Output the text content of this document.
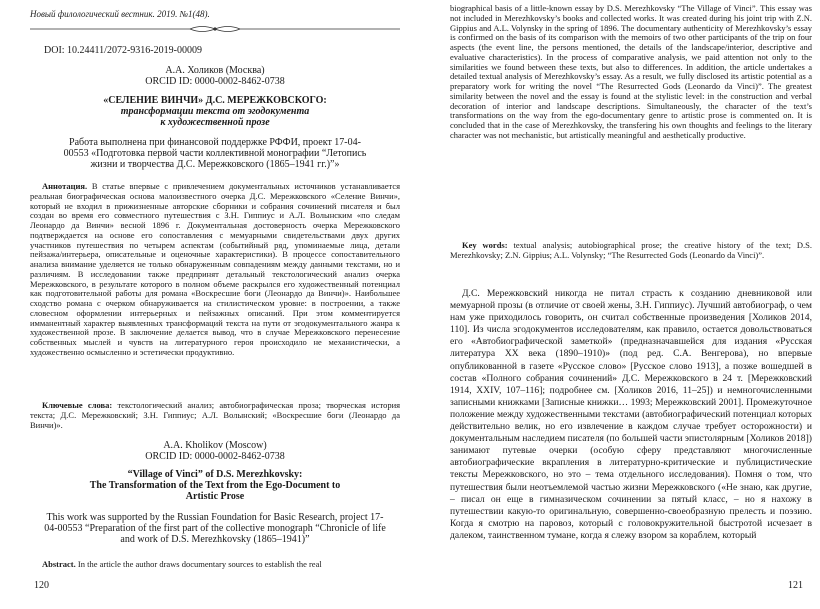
Новый филологический вестник. 2019. №1(48).
DOI: 10.24411/2072-9316-2019-00009
А.А. Холиков (Москва)
ORCID ID: 0000-0002-8462-0738
«СЕЛЕНИЕ ВИНЧИ» Д.С. МЕРЕЖКОВСКОГО:
трансформации текста от эгодокумента
к художественной прозе
Работа выполнена при финансовой поддержке РФФИ, проект 17-04-00553 «Подготовка первой части коллективной монографии “Летопись жизни и творчества Д.С. Мережковского (1865–1941 гг.)”»
Аннотация. В статье впервые с привлечением документальных источников устанавливается реальная биографическая основа малоизвестного очерка Д.С. Мережковского «Селение Винчи», который не входил в прижизненные авторские сборники и собрания сочинений писателя и был создан во время его совместного путешествия с З.Н. Гиппиус и А.Л. Волынским «по следам Леонардо да Винчи» весной 1896 г. Документальная достоверность очерка Мережковского подтверждается на основе его сопоставления с мемуарными свидетельствами двух других участников путешествия по четырем аспектам (событийный ряд, упоминаемые лица, детали пейзажа/интерьера, описательные и оценочные характеристики). В процессе сопоставительного анализа внимание уделяется не только обнаруженным совпадениям между данными текстами, но и различиям. В исследовании также предпринят детальный текстологический анализ очерка Мережковского, в результате которого в полном объеме раскрылся его художественный потенциал как подготовительной работы для романа «Воскресшие боги (Леонардо да Винчи)». Наибольшее сходство романа с очерком обнаруживается на стилистическом уровне: в построении, а также словесном оформлении интерьерных и пейзажных описаний. При этом комментируется имманентный характер выявленных трансформаций текста на пути от эгодокументального жанра к художественной прозе. В заключение делается вывод, что в случае Мережковского перенесение собственных мыслей и чувств на литературного героя происходило не механистически, а художественно осмысленно и эстетически продуктивно.
Ключевые слова: текстологический анализ; автобиографическая проза; творческая история текста; Д.С. Мережковский; З.Н. Гиппиус; А.Л. Волынский; «Воскресшие боги (Леонардо да Винчи)».
A.A. Kholikov (Moscow)
ORCID ID: 0000-0002-8462-0738
“Village of Vinci” of D.S. Merezhkovsky:
The Transformation of the Text from the Ego-Document to
Artistic Prose
This work was supported by the Russian Foundation for Basic Research, project 17-04-00553 “Preparation of the first part of the collective monograph “Chronicle of life and work of D.S. Merezhkovsky (1865–1941)”
Abstract. In the article the author draws documentary sources to establish the real
120
biographical basis of a little-known essay by D.S. Merezhkovsky “The Village of Vinci”. This essay was not included in Merezhkovsky’s books and collected works. It was created during his joint trip with Z.N. Gippius and A.L. Volynsky in the spring of 1896. The documentary authenticity of Merezhkovsky’s essay is confirmed on the basis of its comparison with the memoirs of two other participants of the trip on four aspects (the event line, the persons mentioned, the details of the landscape/interior, descriptive and evaluative characteristics). In the process of comparative analysis, we paid attention not only to the similarities we found between these texts, but also to differences. In addition, the article undertakes a detailed textual analysis of Merezhkovsky’s essay. As a result, we fully disclosed its artistic potential as a preparatory work for writing the novel “The Resurrected Gods (Leonardo da Vinci)”. The greatest similarity between the novel and the essay is found at the stylistic level: in the construction and verbal decoration of interior and landscape descriptions. Simultaneously, the character of the text’s transformations on the way from the ego-documentary genre to artistic prose is commented on. It is concluded that in the case of Merezhkovsky, the transfering his own thoughts and feelings to the literary character was not mechanistic, but artistically meaningful and aesthetically productive.
Key words: textual analysis; autobiographical prose; the creative history of the text; D.S. Merezhkovsky; Z.N. Gippius; A.L. Volynsky; “The Resurrected Gods (Leonardo da Vinci)”.
Д.С. Мережковский никогда не питал страсть к созданию дневниковой или мемуарной прозы (в отличие от своей жены, З.Н. Гиппиус). Лучший автобиограф, о чем нам уже приходилось говорить, он считал собственные произведения [Холиков 2014, 110]. Из числа эгодокументов исследователям, как правило, остается довольствоваться его «Автобиографической заметкой» (предназначавшейся для издания «Русская литература XX века (1890–1910)» (под ред. С.А. Венгерова), но впервые опубликованной в газете «Русское слово» [Русское слово 1913], а позже вошедшей в состав «Полного собрания сочинений» Д.С. Мережковского в 24 т. [Мережковский 1914, XXIV, 107–116]; подробнее см. [Холиков 2016, 11–25]) и немногочисленными записными книжками [Записные книжки… 1993; Мережковский 2001]. Промежуточное положение между художественными текстами (автобиографический потенциал которых действительно велик, но его извлечение в каждом случае требует осторожности) и документальным наследием писателя (по большей части эпистолярным [Холиков 2018]) занимают путевые очерки (особую сферу представляют многочисленные автобиографические вкрапления в литературно-критические и публицистические тексты Мережковского, но это – тема отдельного исследования). Помня о том, что путешествия были неотъемлемой частью жизни Мережковского («Не знаю, как другие, – писал он еще в гимназическом сочинении за пятый класс, – но я нахожу в путешествии какую-то оригинальную, совершенно-своеобразную прелесть и поэзию. Когда я смотрю на паровоз, который с головокружительной быстротой исчезает в далеком, таинственном тумане, когда я слежу взором за кораблем, который
121
